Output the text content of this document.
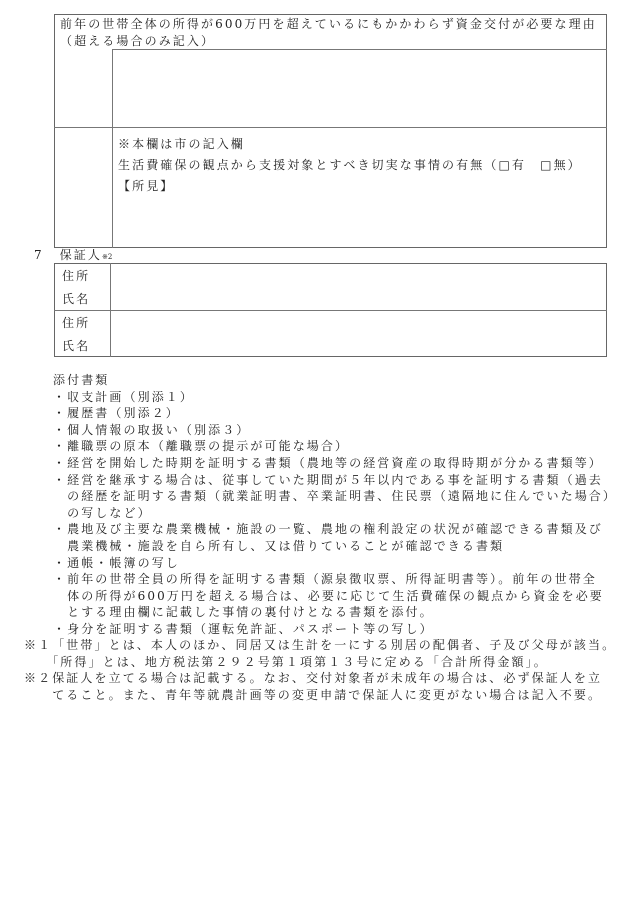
前年の世帯全体の所得が600万円を超えているにもかかわらず資金交付が必要な理由
（超える場合のみ記入）
※本欄は市の記入欄
生活費確保の観点から支援対象とすべき切実な事情の有無（□有　 □無）
【所見】
7 保証人※2
住所
氏名
住所
氏名
添付書類
・収支計画（別添１）
・履歴書（別添２）
・個人情報の取扱い（別添３）
・離職票の原本（離職票の提示が可能な場合）
・経営を開始した時期を証明する書類（農地等の経営資産の取得時期が分かる書類等）
・経営を継承する場合は、従事していた期間が５年以内である事を証明する書類（過去
　の経歴を証明する書類（就業証明書、卒業証明書、住民票（遠隔地に住んでいた場合）
　の写しなど）
・農地及び主要な農業機械・施設の一覧、農地の権利設定の状況が確認できる書類及び
　農業機械・施設を自ら所有し、又は借りていることが確認できる書類
・通帳・帳簿の写し
・前年の世帯全員の所得を証明する書類（源泉徴収票、所得証明書等）。前年の世帯全
　体の所得が600万円を超える場合は、必要に応じて生活費確保の観点から資金を必要
　とする理由欄に記載した事情の裏付けとなる書類を添付。
・身分を証明する書類（運転免許証、パスポート等の写し）
※１「世帯」とは、本人のほか、同居又は生計を一にする別居の配偶者、子及び父母が該当。
　　「所得」とは、地方税法第２９２号第１項第１３号に定める「合計所得金額」。
※２保証人を立てる場合は記載する。なお、交付対象者が未成年の場合は、必ず保証人を立
　　てること。また、青年等就農計画等の変更申請で保証人に変更がない場合は記入不要。
